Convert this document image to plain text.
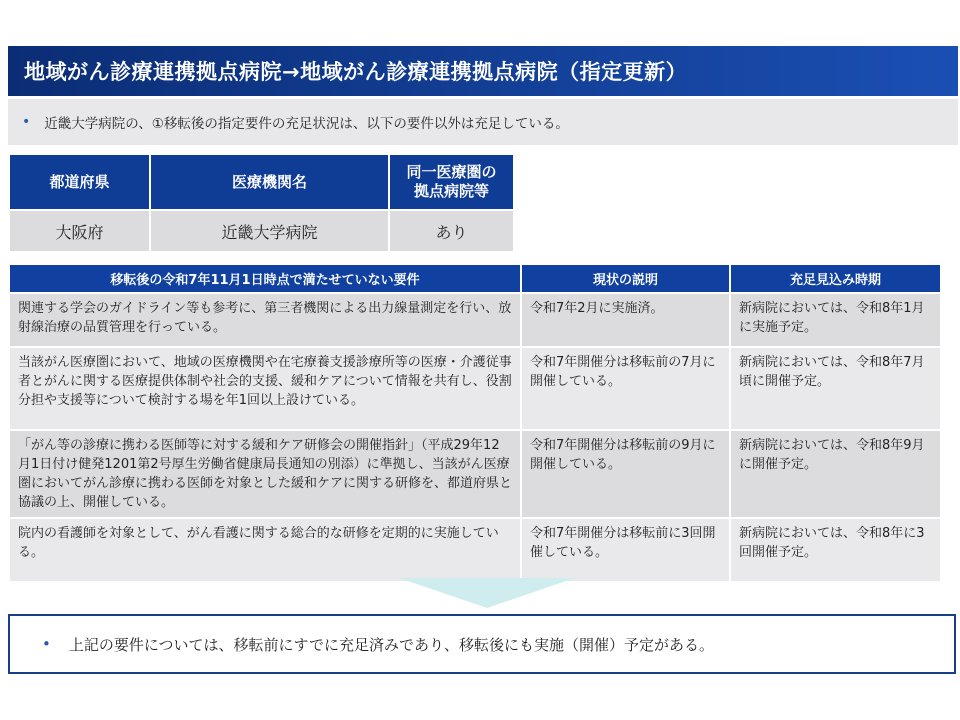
地域がん診療連携拠点病院→地域がん診療連携拠点病院（指定更新）
• 近畿大学病院の、①移転後の指定要件の充足状況は、以下の要件以外は充足している。
都道府県	医療機関名	同一医療圏の
拠点病院等
大阪府	近畿大学病院	あり
移転後の令和7年11月1日時点で満たせていない要件	現状の説明	充足見込み時期
関連する学会のガイドライン等も参考に、第三者機関による出力線量測定を行い、放射線治療の品質管理を行っている。	令和7年2月に実施済。	新病院においては、令和8年1月に実施予定。
当該がん医療圏において、地域の医療機関や在宅療養支援診療所等の医療・介護従事者とがんに関する医療提供体制や社会的支援、緩和ケアについて情報を共有し、役割分担や支援等について検討する場を年1回以上設けている。	令和7年開催分は移転前の7月に開催している。	新病院においては、令和8年7月頃に開催予定。
「がん等の診療に携わる医師等に対する緩和ケア研修会の開催指針」（平成29年12月1日付け健発1201第2号厚生労働省健康局長通知の別添）に準拠し、当該がん医療圏においてがん診療に携わる医師を対象とした緩和ケアに関する研修を、都道府県と協議の上、開催している。	令和7年開催分は移転前の9月に開催している。	新病院においては、令和8年9月に開催予定。
院内の看護師を対象として、がん看護に関する総合的な研修を定期的に実施している。	令和7年開催分は移転前に3回開催している。	新病院においては、令和8年に3回開催予定。
• 上記の要件については、移転前にすでに充足済みであり、移転後にも実施（開催）予定がある。
